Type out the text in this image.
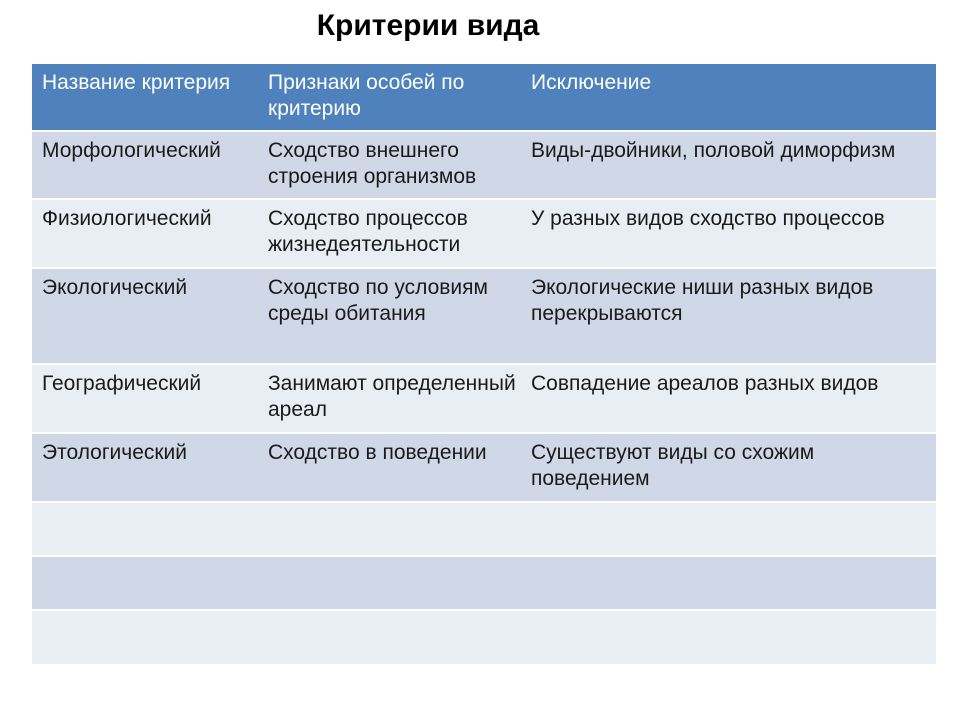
Критерии вида
Название критерия	Признаки особей по критерию	Исключение
Морфологический	Сходство внешнего строения организмов	Виды-двойники, половой диморфизм
Физиологический	Сходство процессов жизнедеятельности	У разных видов сходство процессов
Экологический	Сходство по условиям среды обитания	Экологические ниши разных видов перекрываются
Географический	Занимают определенный ареал	Совпадение ареалов разных видов
Этологический	Сходство в поведении	Существуют виды со схожим поведением
